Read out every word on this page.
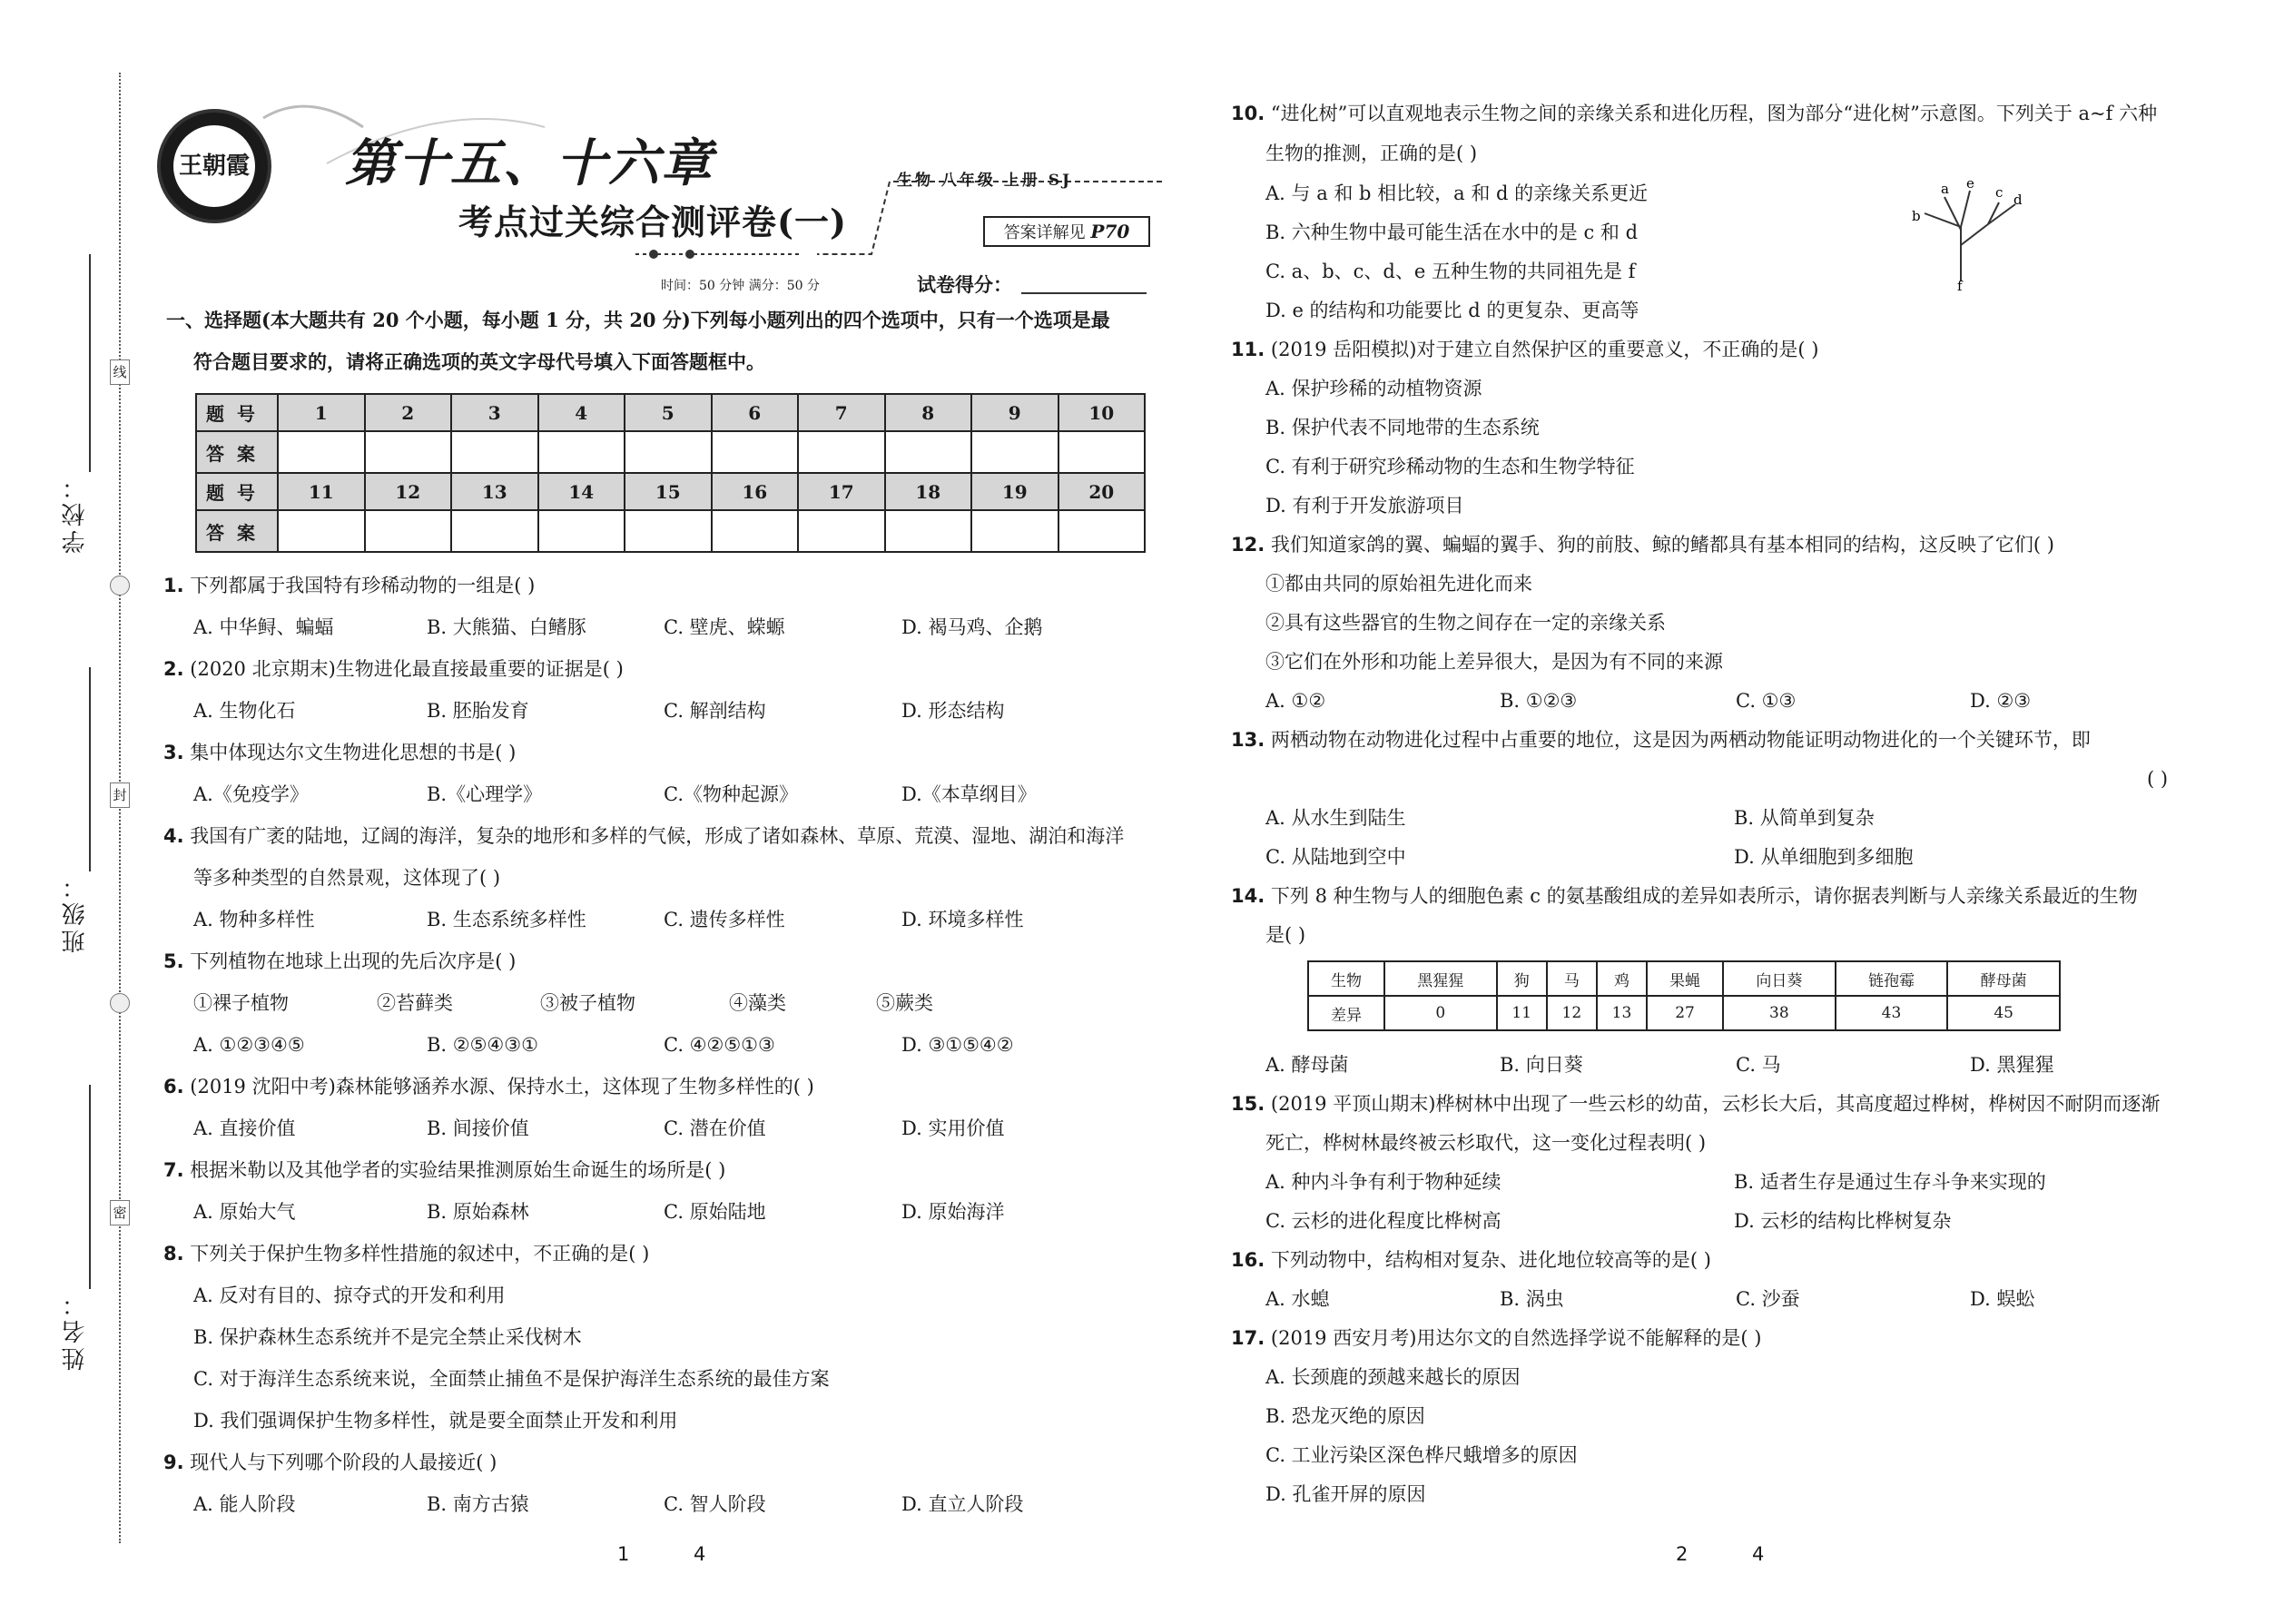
学校：
班级：
姓名：
线
封
密
王朝霞 第十五、十六章
考点过关综合测评卷(一)
生物 八年级 上册 SJ
答案详解见 P70
时间：50 分钟 满分：50 分	试卷得分：
一、选择题(本大题共有 20 个小题，每小题 1 分，共 20 分)下列每小题列出的四个选项中，只有一个选项是最
符合题目要求的，请将正确选项的英文字母代号填入下面答题框中。
题号	1	2	3	4	5	6	7	8	9	10
答案										
题号	11	12	13	14	15	16	17	18	19	20
答案										
1. 下列都属于我国特有珍稀动物的一组是( )
A. 中华鲟、蝙蝠	B. 大熊猫、白鳍豚	C. 壁虎、蝾螈	D. 褐马鸡、企鹅
2. (2020 北京期末)生物进化最直接最重要的证据是( )
A. 生物化石	B. 胚胎发育	C. 解剖结构	D. 形态结构
3. 集中体现达尔文生物进化思想的书是( )
A.《免疫学》	B.《心理学》	C.《物种起源》	D.《本草纲目》
4. 我国有广袤的陆地，辽阔的海洋，复杂的地形和多样的气候，形成了诸如森林、草原、荒漠、湿地、湖泊和海洋
等多种类型的自然景观，这体现了( )
A. 物种多样性	B. 生态系统多样性	C. 遗传多样性	D. 环境多样性
5. 下列植物在地球上出现的先后次序是( )
①裸子植物	②苔藓类	③被子植物	④藻类	⑤蕨类
A. ①②③④⑤	B. ②⑤④③①	C. ④②⑤①③	D. ③①⑤④②
6. (2019 沈阳中考)森林能够涵养水源、保持水土，这体现了生物多样性的( )
A. 直接价值	B. 间接价值	C. 潜在价值	D. 实用价值
7. 根据米勒以及其他学者的实验结果推测原始生命诞生的场所是( )
A. 原始大气	B. 原始森林	C. 原始陆地	D. 原始海洋
8. 下列关于保护生物多样性措施的叙述中，不正确的是( )
A. 反对有目的、掠夺式的开发和利用
B. 保护森林生态系统并不是完全禁止采伐树木
C. 对于海洋生态系统来说，全面禁止捕鱼不是保护海洋生态系统的最佳方案
D. 我们强调保护生物多样性，就是要全面禁止开发和利用
9. 现代人与下列哪个阶段的人最接近( )
A. 能人阶段	B. 南方古猿	C. 智人阶段	D. 直立人阶段
1	4
10. “进化树”可以直观地表示生物之间的亲缘关系和进化历程，图为部分“进化树”示意图。下列关于 a~f 六种
生物的推测，正确的是( )
A. 与 a 和 b 相比较，a 和 d 的亲缘关系更近
B. 六种生物中最可能生活在水中的是 c 和 d
C. a、b、c、d、e 五种生物的共同祖先是 f
D. e 的结构和功能要比 d 的更复杂、更高等
a e
c d
b
f
11. (2019 岳阳模拟)对于建立自然保护区的重要意义，不正确的是( )
A. 保护珍稀的动植物资源
B. 保护代表不同地带的生态系统
C. 有利于研究珍稀动物的生态和生物学特征
D. 有利于开发旅游项目
12. 我们知道家鸽的翼、蝙蝠的翼手、狗的前肢、鲸的鳍都具有基本相同的结构，这反映了它们( )
①都由共同的原始祖先进化而来
②具有这些器官的生物之间存在一定的亲缘关系
③它们在外形和功能上差异很大，是因为有不同的来源
A. ①②	B. ①②③	C. ①③	D. ②③
13. 两栖动物在动物进化过程中占重要的地位，这是因为两栖动物能证明动物进化的一个关键环节，即
( )
A. 从水生到陆生	B. 从简单到复杂
C. 从陆地到空中	D. 从单细胞到多细胞
14. 下列 8 种生物与人的细胞色素 c 的氨基酸组成的差异如表所示，请你据表判断与人亲缘关系最近的生物
是( )
生物	黑猩猩	狗	马	鸡	果蝇	向日葵	链孢霉	酵母菌
差异	0	11	12	13	27	38	43	45
A. 酵母菌	B. 向日葵	C. 马	D. 黑猩猩
15. (2019 平顶山期末)桦树林中出现了一些云杉的幼苗，云杉长大后，其高度超过桦树，桦树因不耐阴而逐渐
死亡，桦树林最终被云杉取代，这一变化过程表明( )
A. 种内斗争有利于物种延续	B. 适者生存是通过生存斗争来实现的
C. 云杉的进化程度比桦树高	D. 云杉的结构比桦树复杂
16. 下列动物中，结构相对复杂、进化地位较高等的是( )
A. 水螅	B. 涡虫	C. 沙蚕	D. 蜈蚣
17. (2019 西安月考)用达尔文的自然选择学说不能解释的是( )
A. 长颈鹿的颈越来越长的原因
B. 恐龙灭绝的原因
C. 工业污染区深色桦尺蛾增多的原因
D. 孔雀开屏的原因
2	4
